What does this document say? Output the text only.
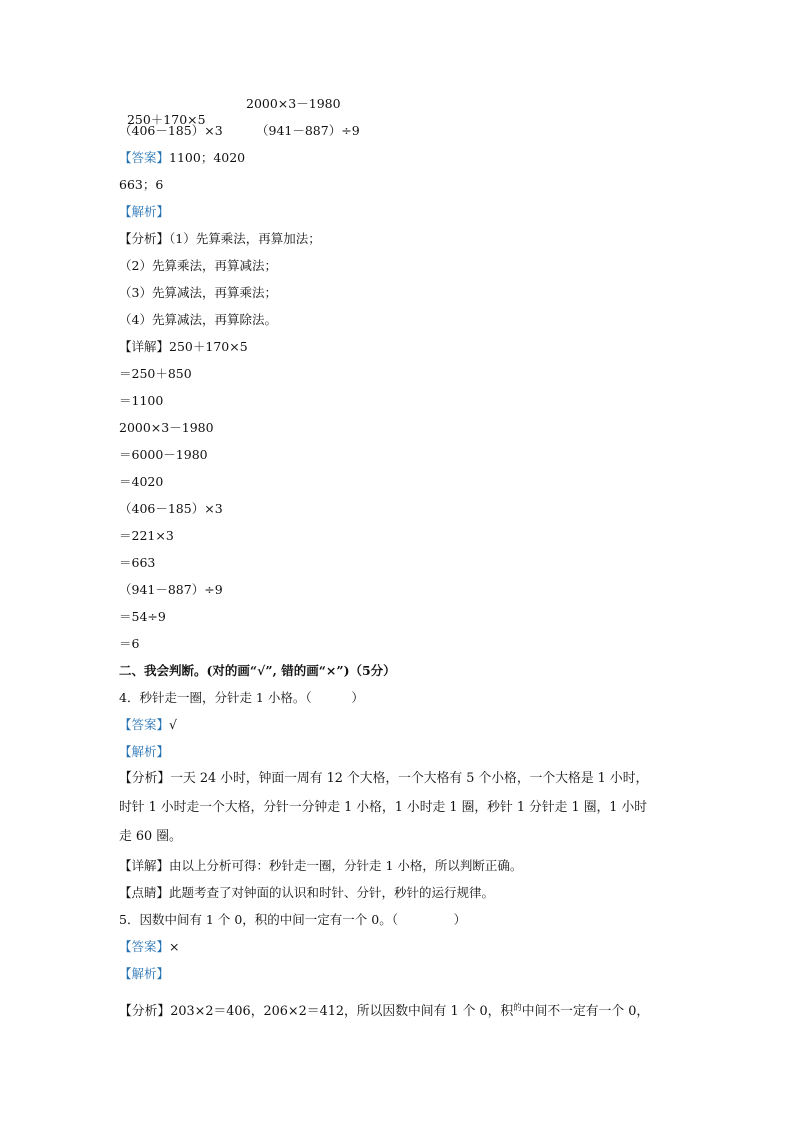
250＋170×5

2000×3－1980
（406－185）×3	（941－887）÷9
【答案】1100；4020
663；6
【解析】
【分析】（1）先算乘法，再算加法；
（2）先算乘法，再算减法；
（3）先算减法，再算乘法；
（4）先算减法，再算除法。
【详解】250＋170×5
＝250＋850
＝1100
2000×3－1980
＝6000－1980
＝4020
（406－185）×3
＝221×3
＝663
（941－887）÷9
＝54÷9
＝6
二、我会判断。(对的画“√”, 错的画“×”)（5分）
4．秒针走一圈，分针走 1 小格。（          ）
【答案】√
【解析】
【分析】一天 24 小时，钟面一周有 12 个大格，一个大格有 5 个小格，一个大格是 1 小时，
时针 1 小时走一个大格，分针一分钟走 1 小格，1 小时走 1 圈，秒针 1 分针走 1 圈，1 小时
走 60 圈。
【详解】由以上分析可得：秒针走一圈，分针走 1 小格，所以判断正确。
【点睛】此题考查了对钟面的认识和时针、分针，秒针的运行规律。
5．因数中间有 1 个 0，积的中间一定有一个 0。（              ）
【答案】×
【解析】
【分析】203×2＝406，206×2＝412，所以因数中间有 1 个 0，积$^的$中间不一定有一个 0，
